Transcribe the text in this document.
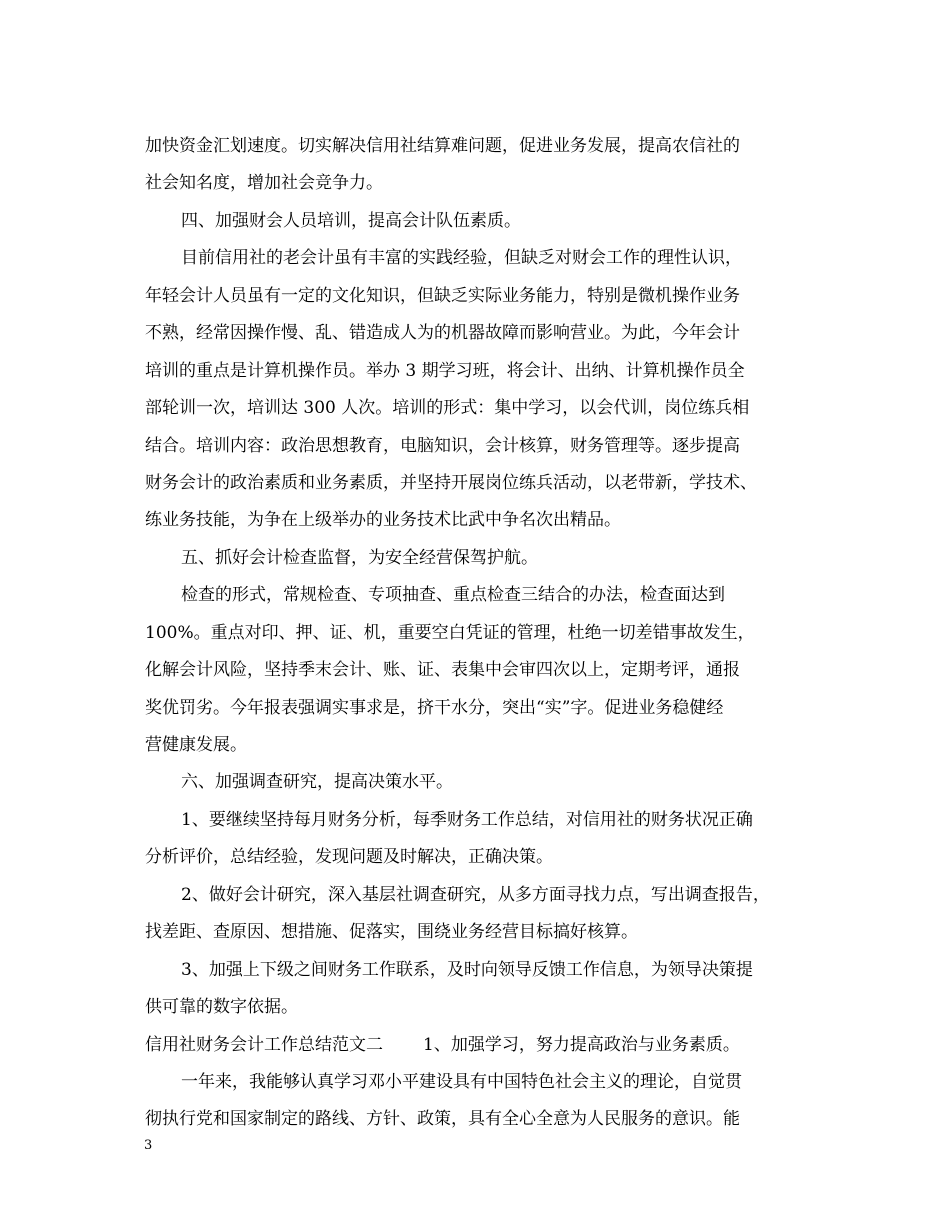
加快资金汇划速度。切实解决信用社结算难问题，促进业务发展，提高农信社的
社会知名度，增加社会竞争力。
四、加强财会人员培训，提高会计队伍素质。
目前信用社的老会计虽有丰富的实践经验，但缺乏对财会工作的理性认识，
年轻会计人员虽有一定的文化知识，但缺乏实际业务能力，特别是微机操作业务
不熟，经常因操作慢、乱、错造成人为的机器故障而影响营业。为此，今年会计
培训的重点是计算机操作员。举办 3 期学习班，将会计、出纳、计算机操作员全
部轮训一次，培训达 300 人次。培训的形式：集中学习，以会代训，岗位练兵相
结合。培训内容：政治思想教育，电脑知识，会计核算，财务管理等。逐步提高
财务会计的政治素质和业务素质，并坚持开展岗位练兵活动，以老带新，学技术、
练业务技能，为争在上级举办的业务技术比武中争名次出精品。
五、抓好会计检查监督，为安全经营保驾护航。
检查的形式，常规检查、专项抽查、重点检查三结合的办法，检查面达到
100%。重点对印、押、证、机，重要空白凭证的管理，杜绝一切差错事故发生，
化解会计风险，坚持季末会计、账、证、表集中会审四次以上，定期考评，通报
奖优罚劣。今年报表强调实事求是，挤干水分，突出“实”字。促进业务稳健经
营健康发展。
六、加强调查研究，提高决策水平。
1、要继续坚持每月财务分析，每季财务工作总结，对信用社的财务状况正确
分析评价，总结经验，发现问题及时解决，正确决策。
2、做好会计研究，深入基层社调查研究，从多方面寻找力点，写出调查报告，
找差距、查原因、想措施、促落实，围绕业务经营目标搞好核算。
3、加强上下级之间财务工作联系，及时向领导反馈工作信息，为领导决策提
供可靠的数字依据。
信用社财务会计工作总结范文二 1、加强学习，努力提高政治与业务素质。
一年来，我能够认真学习邓小平建设具有中国特色社会主义的理论，自觉贯
彻执行党和国家制定的路线、方针、政策，具有全心全意为人民服务的意识。能
3
